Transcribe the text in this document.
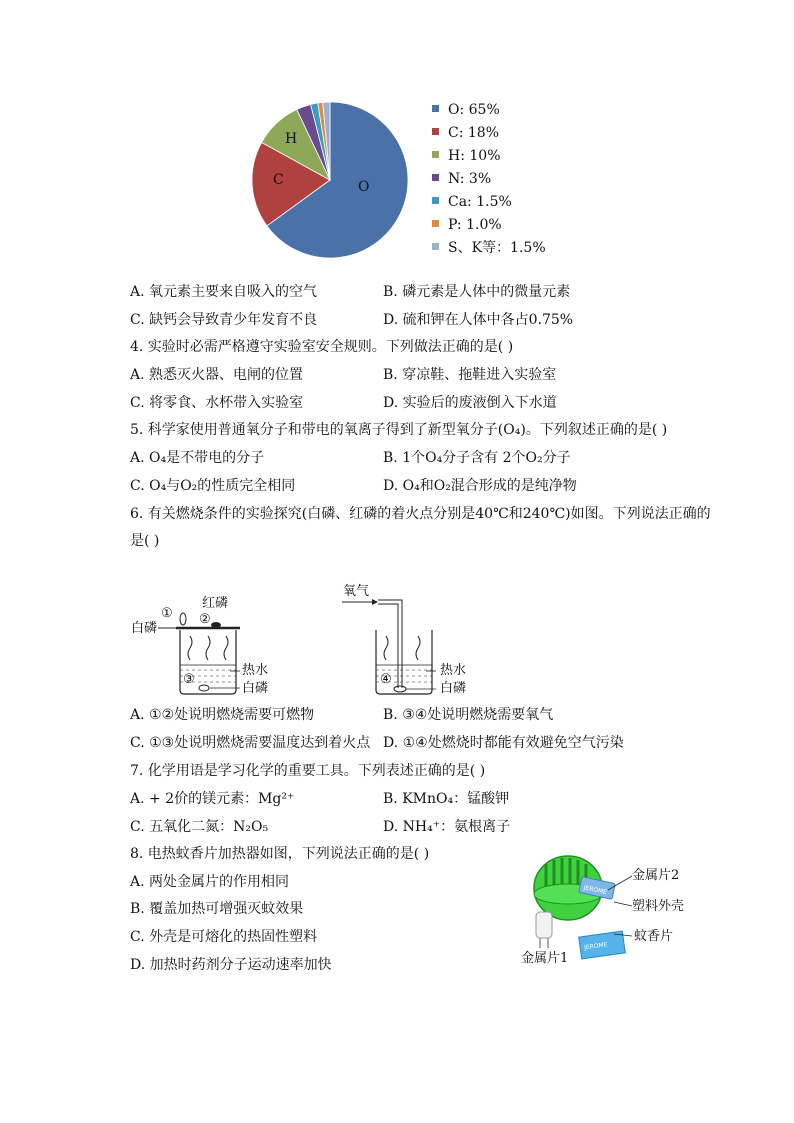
O
C
H
O: 65%
C: 18%
H: 10%
N: 3%
Ca: 1.5%
P: 1.0%
S、K等：1.5%
A. 氧元素主要来自吸入的空气	B. 磷元素是人体中的微量元素
C. 缺钙会导致青少年发育不良	D. 硫和钾在人体中各占0.75%
4. 实验时必需严格遵守实验室安全规则。下列做法正确的是( )
A. 熟悉灭火器、电闸的位置	B. 穿凉鞋、拖鞋进入实验室
C. 将零食、水杯带入实验室	D. 实验后的废液倒入下水道
5. 科学家使用普通氧分子和带电的氧离子得到了新型氧分子(O₄)。下列叙述正确的是( )
A. O₄是不带电的分子	B. 1个O₄分子含有 2个O₂分子
C. O₄与O₂的性质完全相同	D. O₄和O₂混合形成的是纯净物
6. 有关燃烧条件的实验探究(白磷、红磷的着火点分别是40℃和240℃)如图。下列说法正确的
是( )
① ②
红磷
白磷
③
热水
白磷
氧气
④
热水
白磷
A. ①②处说明燃烧需要可燃物	B. ③④处说明燃烧需要氧气
C. ①③处说明燃烧需要温度达到着火点 D. ①④处燃烧时都能有效避免空气污染
7. 化学用语是学习化学的重要工具。下列表述正确的是( )
A. + 2价的镁元素：Mg²⁺	B. KMnO₄：锰酸钾
C. 五氧化二氮：N₂O₅	D. NH₄⁺：氨根离子
8. 电热蚊香片加热器如图，下列说法正确的是( )
A. 两处金属片的作用相同
B. 覆盖加热可增强灭蚊效果
C. 外壳是可熔化的热固性塑料
D. 加热时药剂分子运动速率加快
JEROME
JEROME
金属片2
塑料外壳
蚊香片
金属片1
